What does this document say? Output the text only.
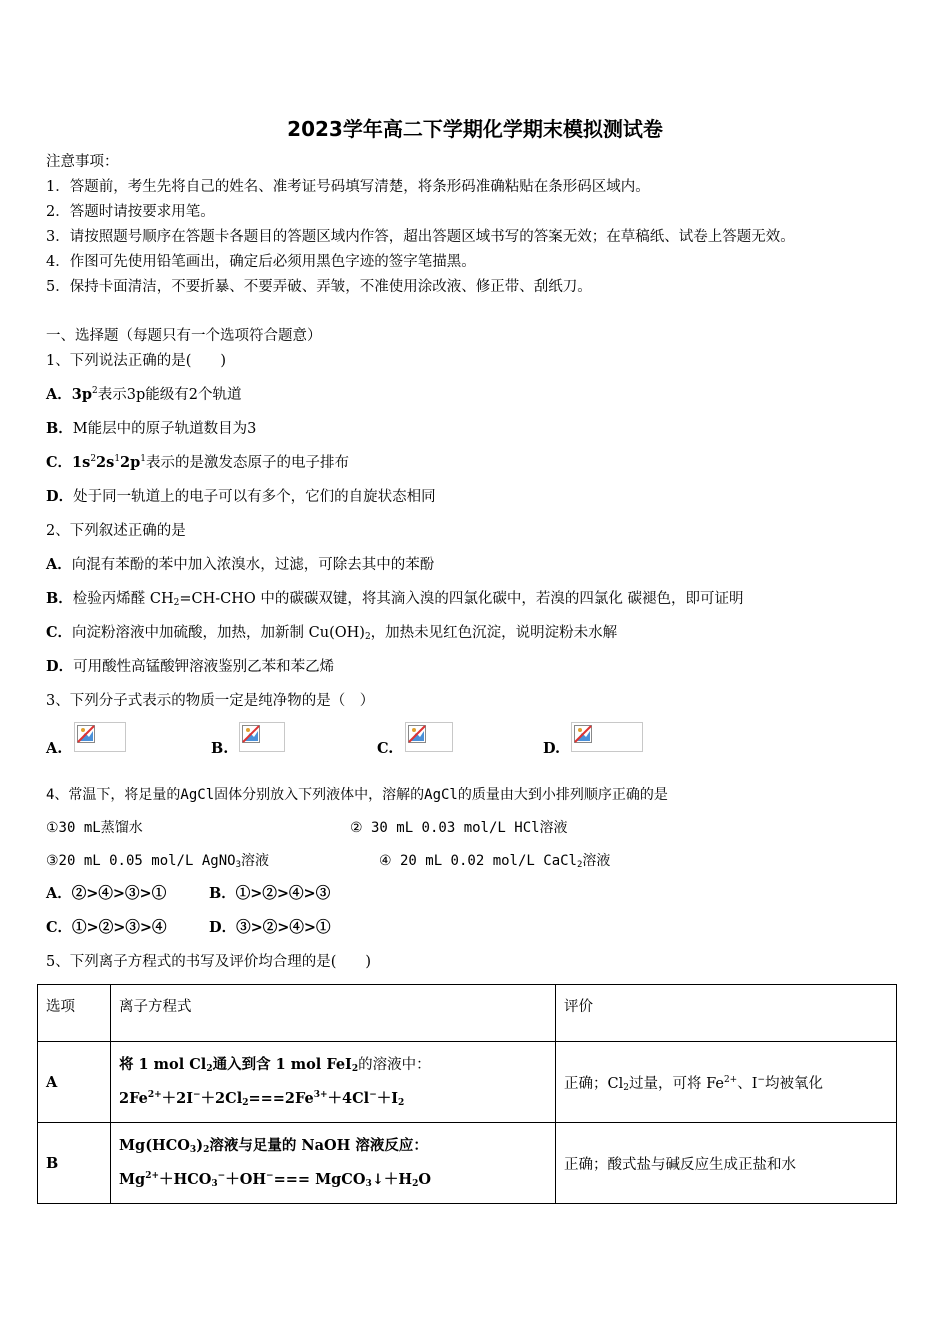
2023学年高二下学期化学期末模拟测试卷
注意事项：
1．答题前，考生先将自己的姓名、准考证号码填写清楚，将条形码准确粘贴在条形码区域内。
2．答题时请按要求用笔。
3．请按照题号顺序在答题卡各题目的答题区域内作答，超出答题区域书写的答案无效；在草稿纸、试卷上答题无效。
4．作图可先使用铅笔画出，确定后必须用黑色字迹的签字笔描黑。
5．保持卡面清洁，不要折暴、不要弄破、弄皱，不准使用涂改液、修正带、刮纸刀。
一、选择题（每题只有一个选项符合题意）
1、下列说法正确的是(　　)
A．$3p^2$表示3p能级有2个轨道
B．M能层中的原子轨道数目为3
C．$1s^22s^12p^1$表示的是激发态原子的电子排布
D．处于同一轨道上的电子可以有多个，它们的自旋状态相同
2、下列叙述正确的是
A．向混有苯酚的苯中加入浓溴水，过滤，可除去其中的苯酚
B．检验丙烯醛 $CH_2=CH$-CHO 中的碳碳双键，将其滴入溴的四氯化碳中，若溴的四氯化 碳褪色，即可证明
C．向淀粉溶液中加硫酸，加热，加新制 $Cu(OH)_2$，加热未见红色沉淀，说明淀粉未水解
D．可用酸性高锰酸钾溶液鉴别乙苯和苯乙烯
3、下列分子式表示的物质一定是纯净物的是（　）
A.	B.	C.	D.
4、常温下，将足量的AgCl固体分别放入下列液体中，溶解的AgCl的质量由大到小排列顺序正确的是
①30 mL蒸馏水	② 30 mL 0.03 mol/L HCl溶液
③20 mL 0.05 mol/L AgNO$_3$溶液	④ 20 mL 0.02 mol/L CaCl$_2$溶液
A．②>④>③>①	B．①>②>④>③
C．①>②>③>④	D．③>②>④>①
5、下列离子方程式的书写及评价均合理的是(　　)
选项	离子方程式	评价
A	将 1 mol $Cl_2$通入到含 1 mol FeI$_2$的溶液中：
$2Fe^{2+}+2I^-+2Cl_2===2Fe^{3+}+4Cl^-+I_2$	正确；$Cl_2$过量，可将 $Fe^{2+}$、I−均被氧化
B	$Mg(HCO_3)_2$溶液与足量的 NaOH 溶液反应：
$Mg^{2+}+HCO_3^-+OH^-===$ $MgCO_3↓+H_2O$	正确；酸式盐与碱反应生成正盐和水
